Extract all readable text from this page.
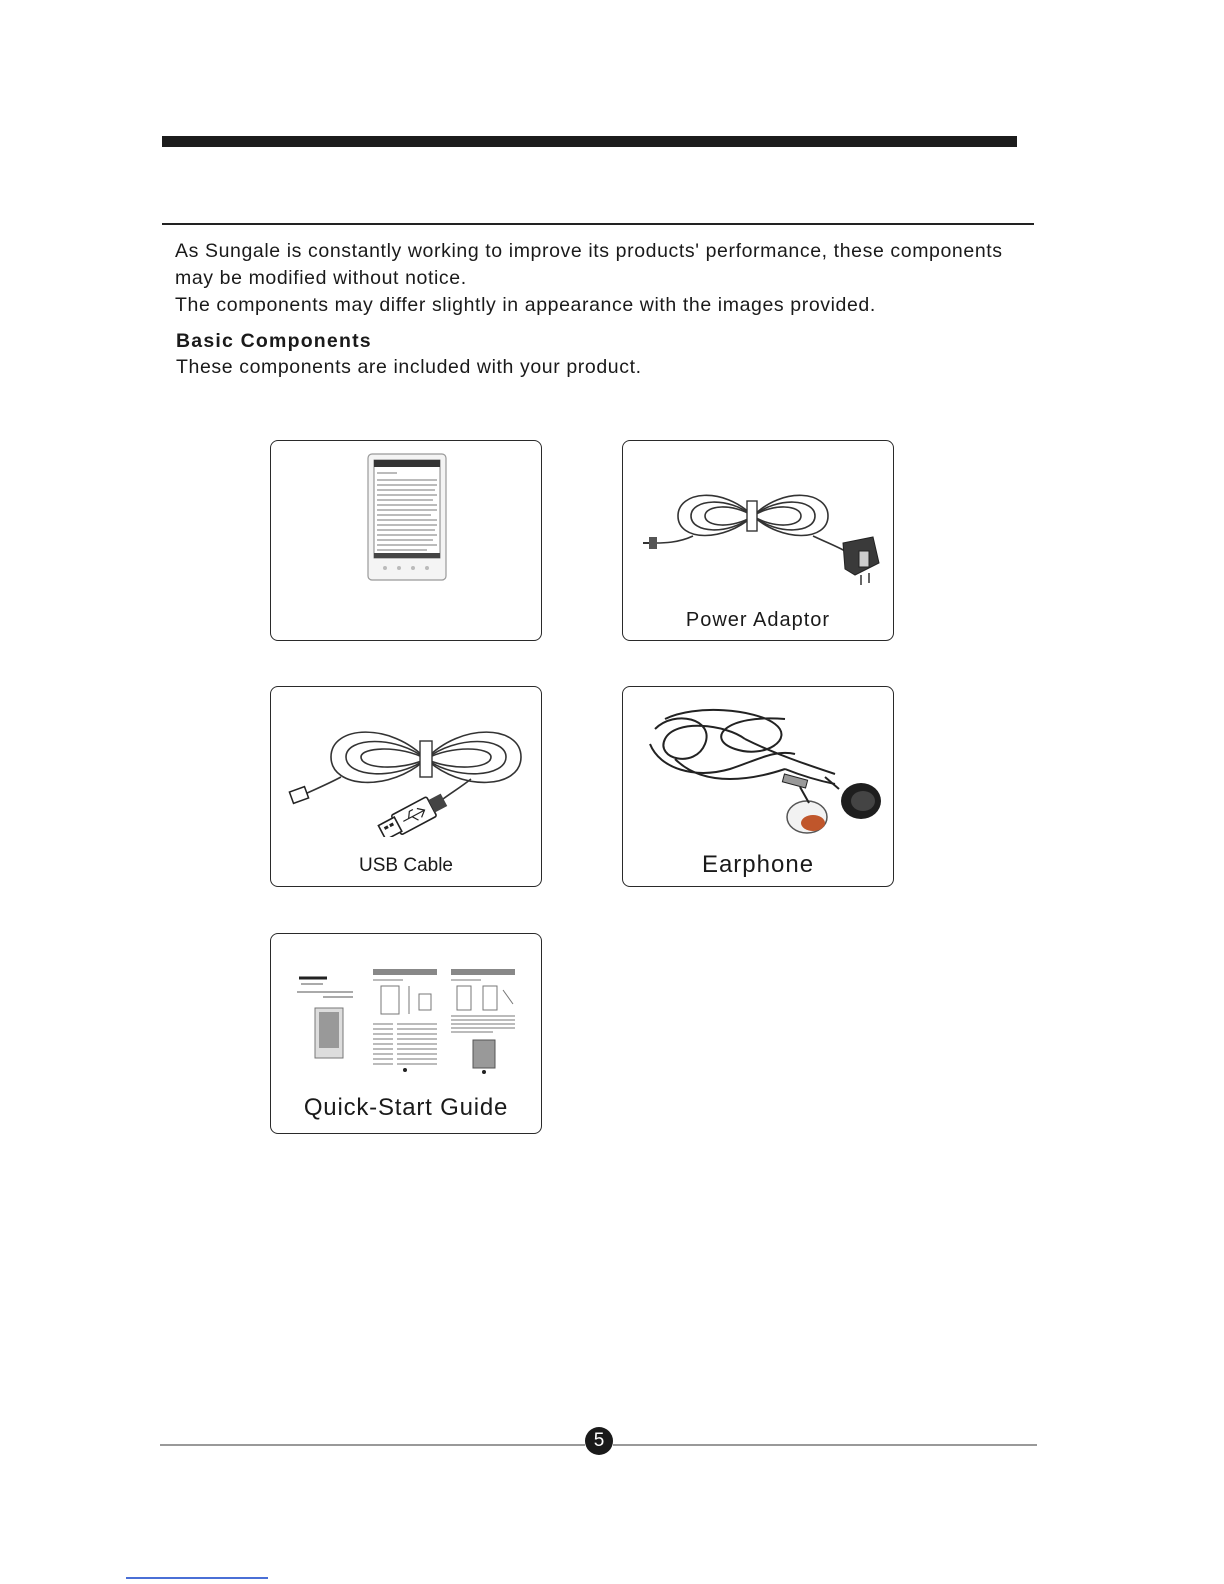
As Sungale is constantly working to improve its products' performance, these components

may be modified without notice.

The components may differ slightly in appearance with the images provided.

Basic Components
These components are included with your product.
Power Adaptor
USB Cable	Earphone
Quick-Start Guide
5
